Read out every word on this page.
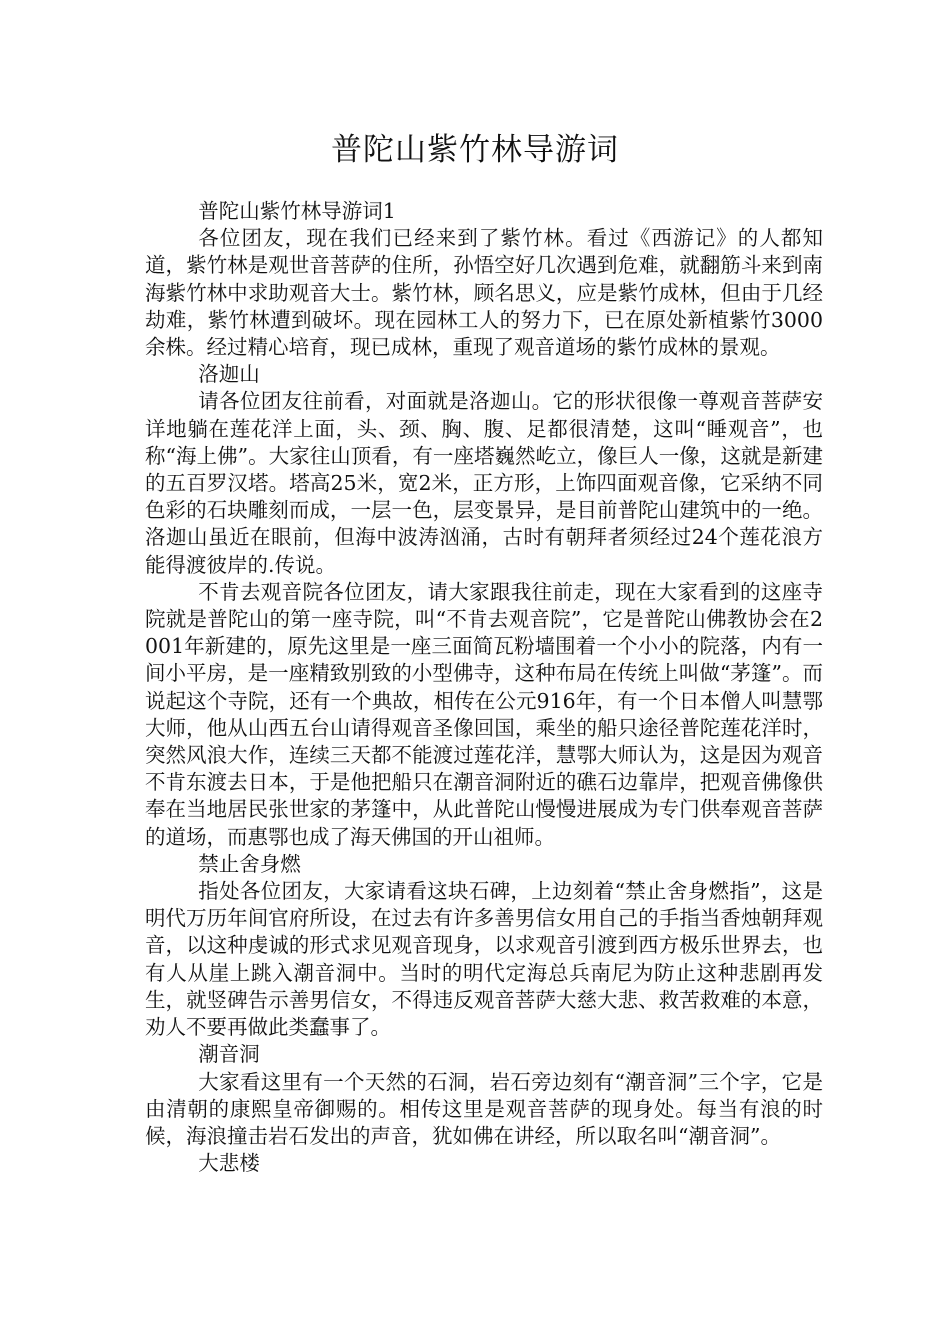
普陀山紫竹林导游词

普陀山紫竹林导游词1

各位团友，现在我们已经来到了紫竹林。看过《西游记》的人都知道，紫竹林是观世音菩萨的住所，孙悟空好几次遇到危难，就翻筋斗来到南海紫竹林中求助观音大士。紫竹林，顾名思义，应是紫竹成林，但由于几经劫难，紫竹林遭到破坏。现在园林工人的努力下，已在原处新植紫竹3000余株。经过精心培育，现已成林，重现了观音道场的紫竹成林的景观。

洛迦山

请各位团友往前看，对面就是洛迦山。它的形状很像一尊观音菩萨安详地躺在莲花洋上面，头、颈、胸、腹、足都很清楚，这叫“睡观音”，也称“海上佛”。大家往山顶看，有一座塔巍然屹立，像巨人一像，这就是新建的五百罗汉塔。塔高25米，宽2米，正方形，上饰四面观音像，它采纳不同色彩的石块雕刻而成，一层一色，层变景异，是目前普陀山建筑中的一绝。洛迦山虽近在眼前，但海中波涛汹涌，古时有朝拜者须经过24个莲花浪方能得渡彼岸的.传说。

不肯去观音院各位团友，请大家跟我往前走，现在大家看到的这座寺院就是普陀山的第一座寺院，叫“不肯去观音院”，它是普陀山佛教协会在2001年新建的，原先这里是一座三面简瓦粉墙围着一个小小的院落，内有一间小平房，是一座精致别致的小型佛寺，这种布局在传统上叫做“茅篷”。而说起这个寺院，还有一个典故，相传在公元916年，有一个日本僧人叫慧鄂大师，他从山西五台山请得观音圣像回国，乘坐的船只途径普陀莲花洋时，突然风浪大作，连续三天都不能渡过莲花洋，慧鄂大师认为，这是因为观音不肯东渡去日本，于是他把船只在潮音洞附近的礁石边靠岸，把观音佛像供奉在当地居民张世家的茅篷中，从此普陀山慢慢进展成为专门供奉观音菩萨的道场，而惠鄂也成了海天佛国的开山祖师。

禁止舍身燃

指处各位团友，大家请看这块石碑，上边刻着“禁止舍身燃指”，这是明代万历年间官府所设，在过去有许多善男信女用自己的手指当香烛朝拜观音，以这种虔诚的形式求见观音现身，以求观音引渡到西方极乐世界去，也有人从崖上跳入潮音洞中。当时的明代定海总兵南尼为防止这种悲剧再发生，就竖碑告示善男信女，不得违反观音菩萨大慈大悲、救苦救难的本意，劝人不要再做此类蠢事了。

潮音洞

大家看这里有一个天然的石洞，岩石旁边刻有“潮音洞”三个字，它是由清朝的康熙皇帝御赐的。相传这里是观音菩萨的现身处。每当有浪的时候，海浪撞击岩石发出的声音，犹如佛在讲经，所以取名叫“潮音洞”。

大悲楼
